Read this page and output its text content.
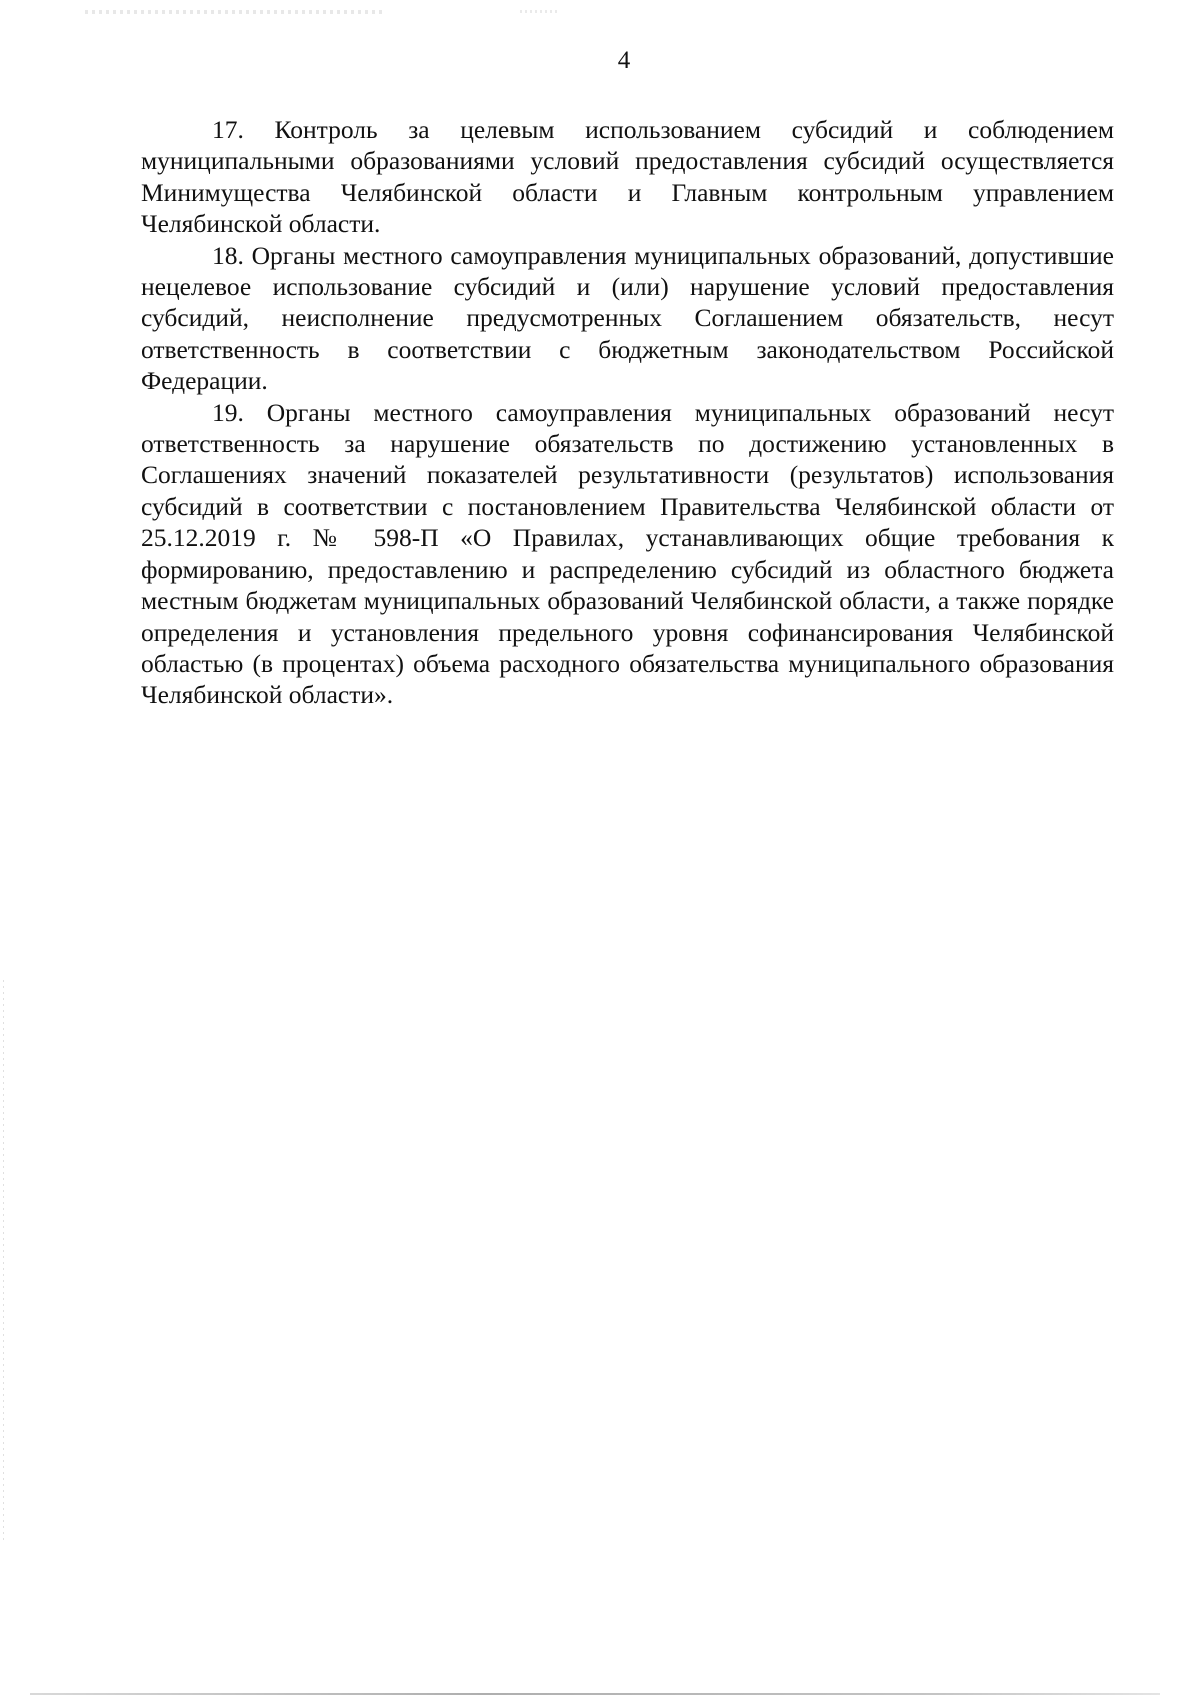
4

17. Контроль за целевым использованием субсидий и соблюдением муниципальными образованиями условий предоставления субсидий осуществляется Минимущества Челябинской области и Главным контрольным управлением Челябинской области.

18. Органы местного самоуправления муниципальных образований, допустившие нецелевое использование субсидий и (или) нарушение условий предоставления субсидий, неисполнение предусмотренных Соглашением обязательств, несут ответственность в соответствии с бюджетным законодательством Российской Федерации.

19. Органы местного самоуправления муниципальных образований несут ответственность за нарушение обязательств по достижению установленных в Соглашениях значений показателей результативности (результатов) использования субсидий в соответствии с постановлением Правительства Челябинской области от 25.12.2019 г. № 598-П «О Правилах, устанавливающих общие требования к формированию, предоставлению и распределению субсидий из областного бюджета местным бюджетам муниципальных образований Челябинской области, а также порядке определения и установления предельного уровня софинансирования Челябинской областью (в процентах) объема расходного обязательства муниципального образования Челябинской области».
